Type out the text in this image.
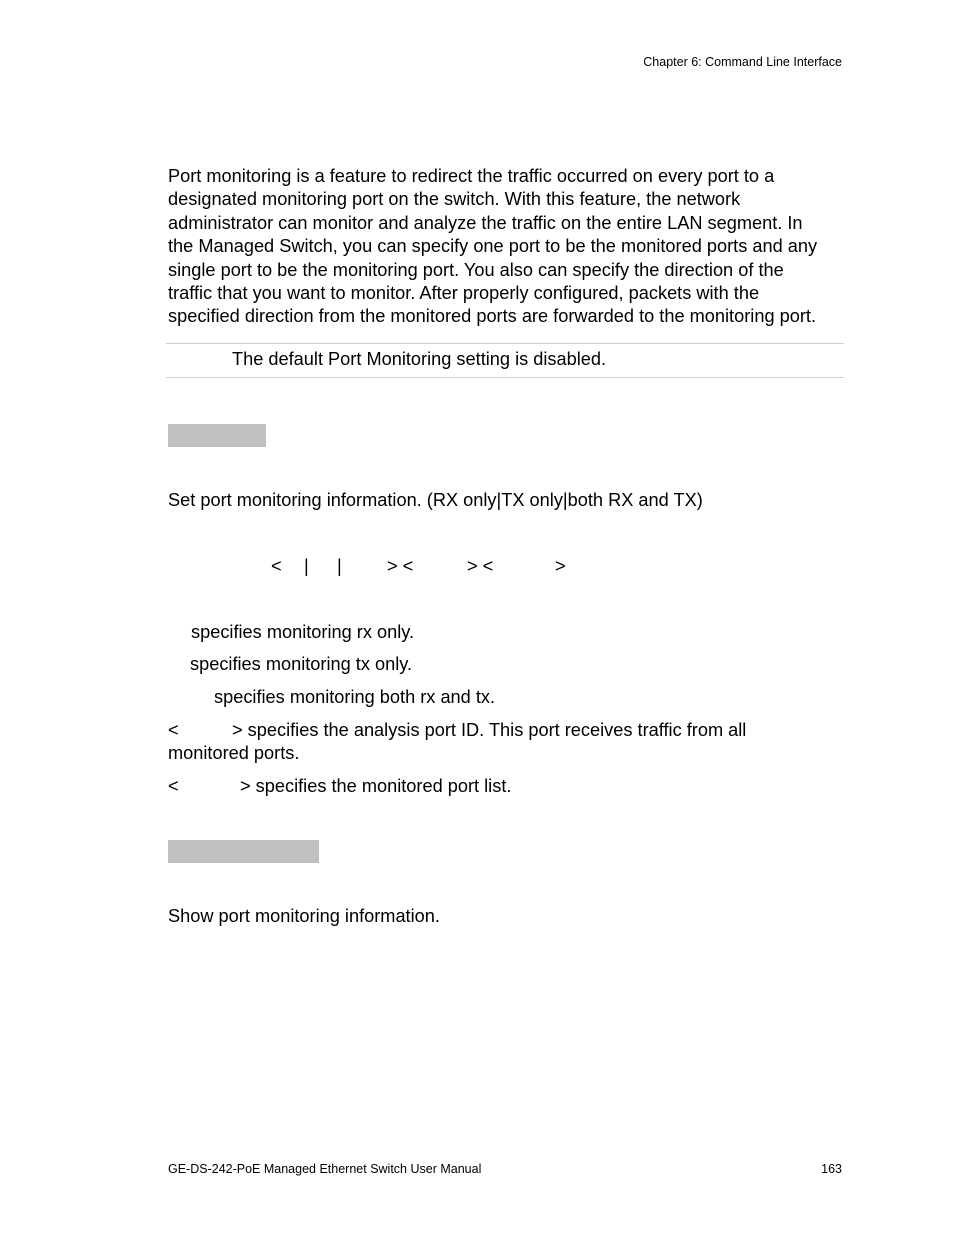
Chapter 6: Command Line Interface
Port monitoring is a feature to redirect the traffic occurred on every port to a
designated monitoring port on the switch. With this feature, the network
administrator can monitor and analyze the traffic on the entire LAN segment. In
the Managed Switch, you can specify one port to be the monitored ports and any
single port to be the monitoring port. You also can specify the direction of the
traffic that you want to monitor. After properly configured, packets with the
specified direction from the monitored ports are forwarded to the monitoring port.
The default Port Monitoring setting is disabled.
Set port monitoring information. (RX only|TX only|both RX and TX)
< | | > <	> <	>
specifies monitoring rx only.
specifies monitoring tx only.
specifies monitoring both rx and tx.
<	> specifies the analysis port ID. This port receives traffic from all
monitored ports.
<	> specifies the monitored port list.
Show port monitoring information.
GE-DS-242-PoE Managed Ethernet Switch User Manual	163
